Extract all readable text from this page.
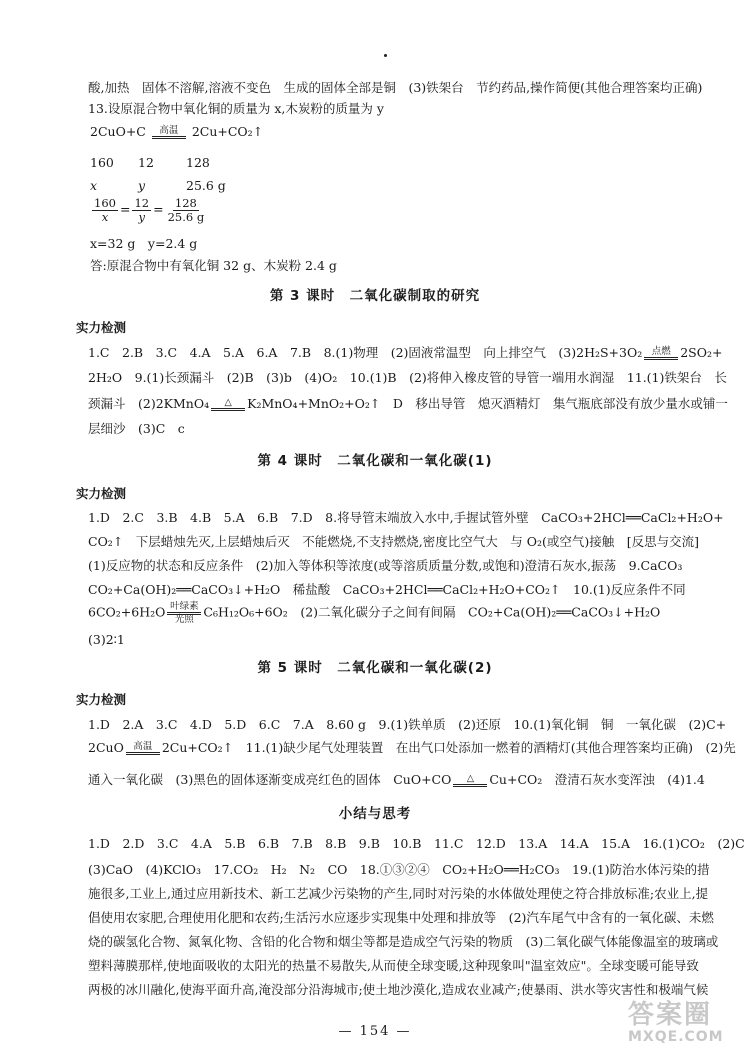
酸,加热　固体不溶解,溶液不变色　生成的固体全部是铜　(3)铁架台　节约药品,操作简便(其他合理答案均正确)
13.设原混合物中氧化铜的质量为 x,木炭粉的质量为 y
2CuO+C 高温 2Cu+CO₂↑
160	12	128
x	y	25.6 g
$\frac{160}{x} = \frac{12}{y} = \frac{128}{25.6 g}$
x=32 g　y=2.4 g
答:原混合物中有氧化铜 32 g、木炭粉 2.4 g
第 3 课时　二氧化碳制取的研究
实力检测
1.C　2.B　3.C　4.A　5.A　6.A　7.B　8.(1)物理　(2)固液常温型　向上排空气　(3)2H₂S+3O₂ 点燃 2SO₂+
2H₂O　9.(1)长颈漏斗　(2)B　(3)b　(4)O₂　10.(1)B　(2)将伸入橡皮管的导管一端用水润湿　11.(1)铁架台　长
颈漏斗　(2)2KMnO₄ △ K₂MnO₄+MnO₂+O₂↑　D　移出导管　熄灭酒精灯　集气瓶底部没有放少量水或铺一
层细沙　(3)C　c
第 4 课时　二氧化碳和一氧化碳(1)
实力检测
1.D　2.C　3.B　4.B　5.A　6.B　7.D　8.将导管末端放入水中,手握试管外壁　CaCO₃+2HCl══CaCl₂+H₂O+
CO₂↑　下层蜡烛先灭,上层蜡烛后灭　不能燃烧,不支持燃烧,密度比空气大　与 O₂(或空气)接触　[反思与交流]
(1)反应物的状态和反应条件　(2)加入等体积等浓度(或等溶质质量分数,或饱和)澄清石灰水,振荡　9.CaCO₃
CO₂+Ca(OH)₂══CaCO₃↓+H₂O　稀盐酸　CaCO₃+2HCl══CaCl₂+H₂O+CO₂↑　10.(1)反应条件不同
6CO₂+6H₂O 叶绿素
光照 C₆H₁₂O₆+6O₂　(2)二氧化碳分子之间有间隔　CO₂+Ca(OH)₂══CaCO₃↓+H₂O
(3)2∶1
第 5 课时　二氧化碳和一氧化碳(2)
实力检测
1.D　2.A　3.C　4.D　5.D　6.C　7.A　8.60 g　9.(1)铁单质　(2)还原　10.(1)氧化铜　铜　一氧化碳　(2)C+
2CuO 高温 2Cu+CO₂↑　11.(1)缺少尾气处理装置　在出气口处添加一燃着的酒精灯(其他合理答案均正确)　(2)先
通入一氧化碳　(3)黑色的固体逐渐变成亮红色的固体　CuO+CO △ Cu+CO₂　澄清石灰水变浑浊　(4)1.4
小结与思考
1.D　2.D　3.C　4.A　5.B　6.B　7.B　8.B　9.B　10.B　11.C　12.D　13.A　14.A　15.A　16.(1)CO₂　(2)C
(3)CaO　(4)KClO₃　17.CO₂　H₂　N₂　CO　18.①③②④　CO₂+H₂O══H₂CO₃　19.(1)防治水体污染的措
施很多,工业上,通过应用新技术、新工艺减少污染物的产生,同时对污染的水体做处理使之符合排放标准;农业上,提
倡使用农家肥,合理使用化肥和农药;生活污水应逐步实现集中处理和排放等　(2)汽车尾气中含有的一氧化碳、未燃
烧的碳氢化合物、氮氧化物、含铅的化合物和烟尘等都是造成空气污染的物质　(3)二氧化碳气体能像温室的玻璃或
塑料薄膜那样,使地面吸收的太阳光的热量不易散失,从而使全球变暖,这种现象叫"温室效应"。全球变暖可能导致
两极的冰川融化,使海平面升高,淹没部分沿海城市;使土地沙漠化,造成农业减产;使暴雨、洪水等灾害性和极端气候
— 154 —
答案圈
MXQE.COM
